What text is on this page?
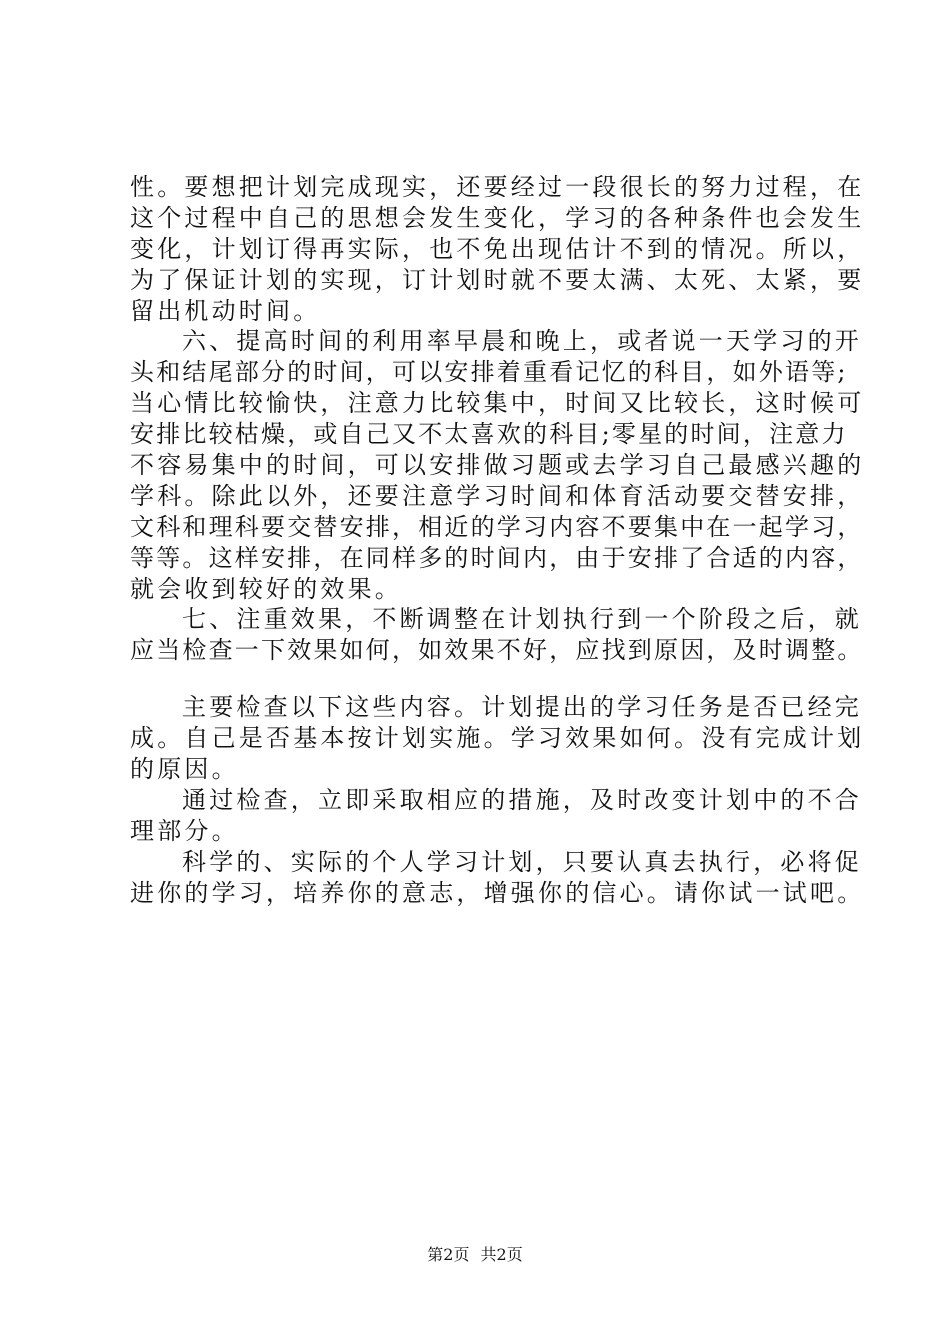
性。要想把计划完成现实，还要经过一段很长的努力过程，在
这个过程中自己的思想会发生变化，学习的各种条件也会发生
变化，计划订得再实际，也不免出现估计不到的情况。所以，
为了保证计划的实现，订计划时就不要太满、太死、太紧，要
留出机动时间。
六、提高时间的利用率早晨和晚上，或者说一天学习的开
头和结尾部分的时间，可以安排着重看记忆的科目，如外语等;
当心情比较愉快，注意力比较集中，时间又比较长，这时候可
安排比较枯燥，或自己又不太喜欢的科目;零星的时间，注意力
不容易集中的时间，可以安排做习题或去学习自己最感兴趣的
学科。除此以外，还要注意学习时间和体育活动要交替安排，
文科和理科要交替安排，相近的学习内容不要集中在一起学习，
等等。这样安排，在同样多的时间内，由于安排了合适的内容，
就会收到较好的效果。
七、注重效果，不断调整在计划执行到一个阶段之后，就
应当检查一下效果如何，如效果不好，应找到原因，及时调整。
主要检查以下这些内容。计划提出的学习任务是否已经完
成。自己是否基本按计划实施。学习效果如何。没有完成计划
的原因。
通过检查，立即采取相应的措施，及时改变计划中的不合
理部分。
科学的、实际的个人学习计划，只要认真去执行，必将促
进你的学习，培养你的意志，增强你的信心。请你试一试吧。
第2页 共2页
